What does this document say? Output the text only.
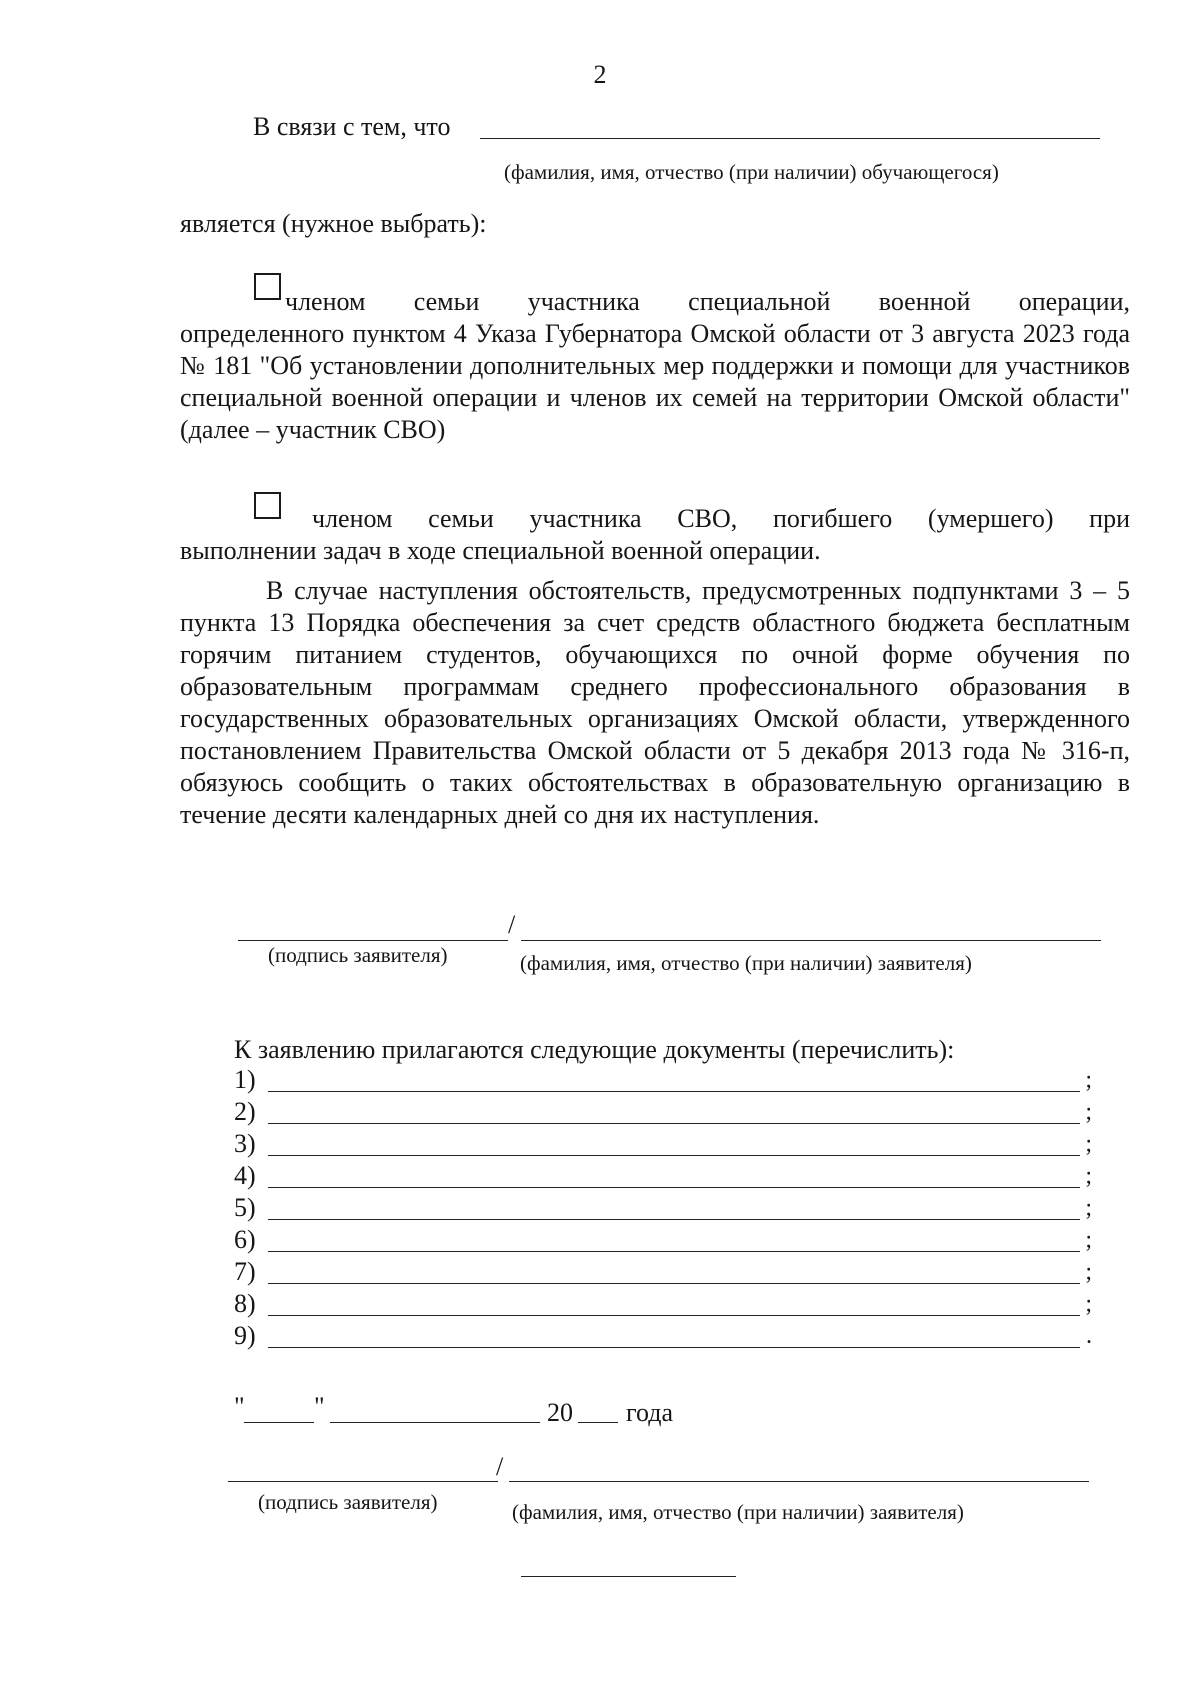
2
В связи с тем, что
(фамилия, имя, отчество (при наличии) обучающегося)
является (нужное выбрать):
членом семьи участника специальной военной операции,
определенного пунктом 4 Указа Губернатора Омской области от 3 августа 2023 года № 181 "Об установлении дополнительных мер поддержки и помощи для участников специальной военной операции и членов их семей на территории Омской области" (далее – участник СВО)
членом семьи участника СВО, погибшего (умершего) при
выполнении задач в ходе специальной военной операции.
В случае наступления обстоятельств, предусмотренных подпунктами 3 – 5 пункта 13 Порядка обеспечения за счет средств областного бюджета бесплатным горячим питанием студентов, обучающихся по очной форме обучения по образовательным программам среднего профессионального образования в государственных образовательных организациях Омской области, утвержденного постановлением Правительства Омской области от 5 декабря 2013 года № 316-п, обязуюсь сообщить о таких обстоятельствах в образовательную организацию в течение десяти календарных дней со дня их наступления.
/
(подпись заявителя)	(фамилия, имя, отчество (при наличии) заявителя)
К заявлению прилагаются следующие документы (перечислить):
1)	;
2)	;
3)	;
4)	;
5)	;
6)	;
7)	;
8)	;
9)	.
"	"	20 года
/
(подпись заявителя)	(фамилия, имя, отчество (при наличии) заявителя)
